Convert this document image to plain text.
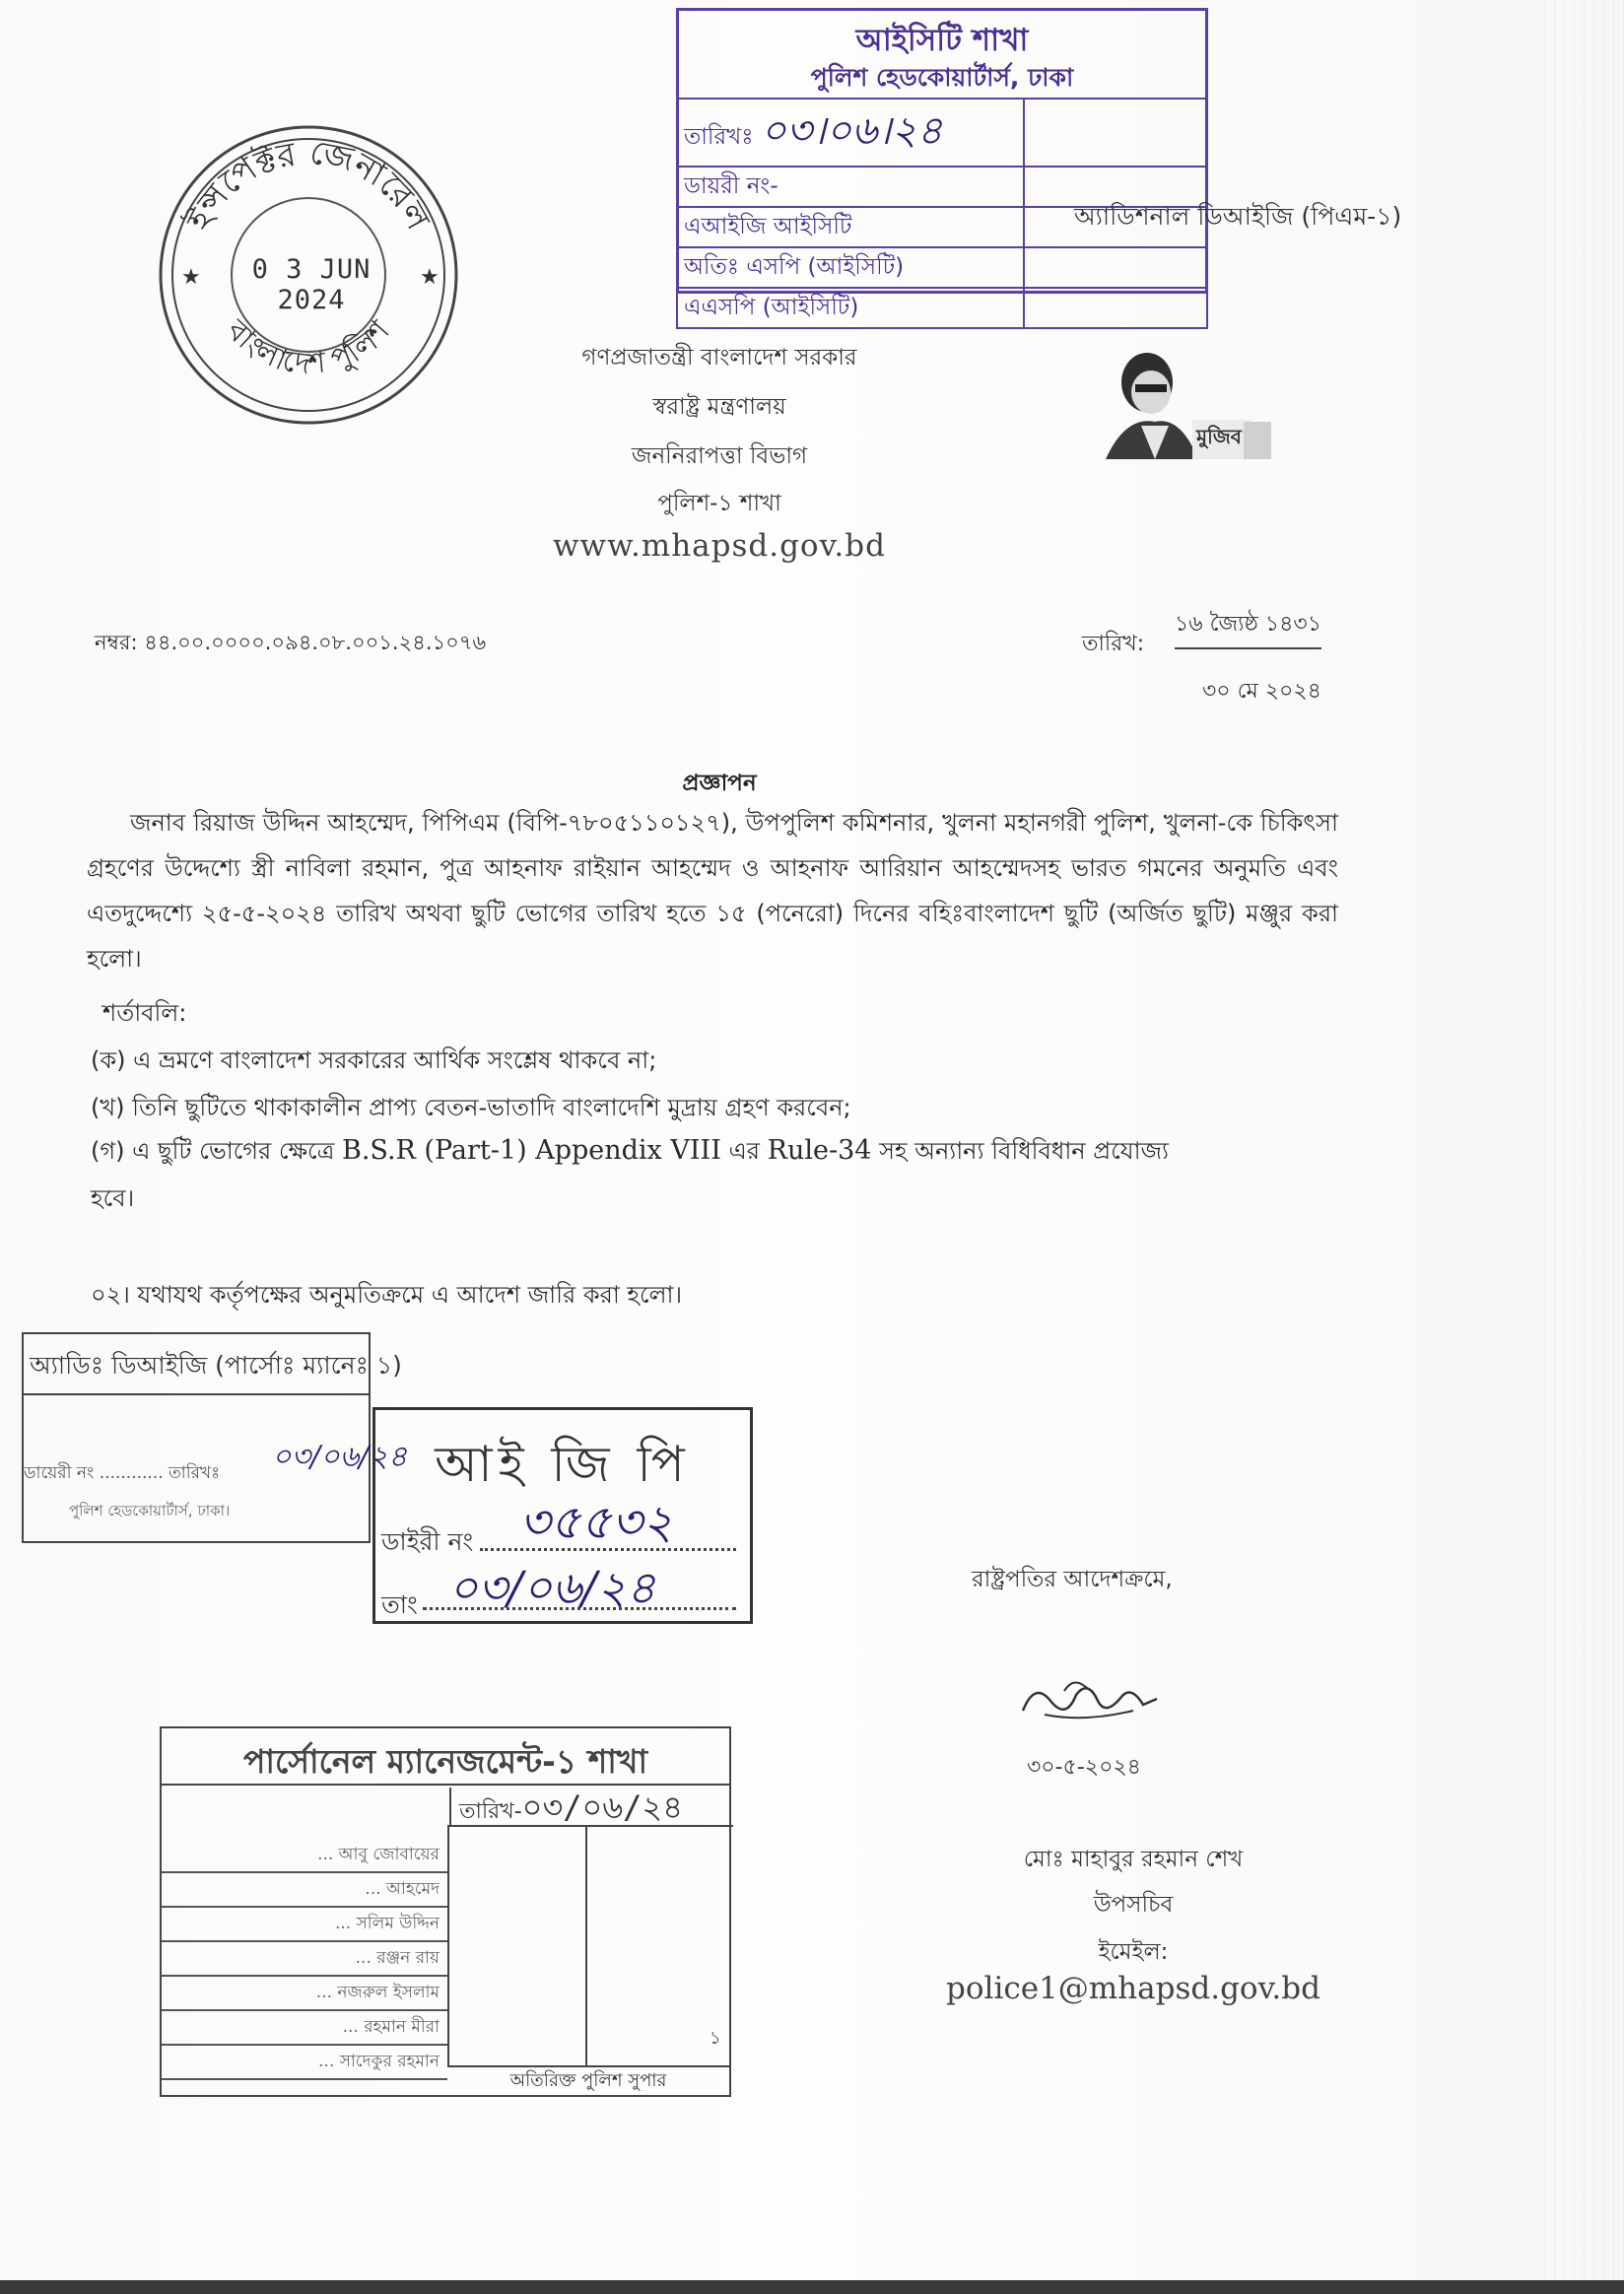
আইসিটি শাখা
পুলিশ হেডকোয়ার্টার্স, ঢাকা
তারিখঃ ০৩।০৬।২৪	
ডায়রী নং-	
এআইজি আইসিটি	
অতিঃ এসপি (আইসিটি)	
এএসপি (আইসিটি)	
অ্যাডিশনাল ডিআইজি (পিএম-১)
ইন্সপেক্টর জেনারেল
বাংলাদেশ পুলিশ
★	★
0 3 JUN 2024
গণপ্রজাতন্ত্রী বাংলাদেশ সরকার
স্বরাষ্ট্র মন্ত্রণালয়
জননিরাপত্তা বিভাগ
পুলিশ-১ শাখা
www.mhapsd.gov.bd
মুজিব
নম্বর: ৪৪.০০.০০০০.০৯৪.০৮.০০১.২৪.১০৭৬	তারিখ:
১৬ জ্যৈষ্ঠ ১৪৩১
৩০ মে ২০২৪
প্রজ্ঞাপন
জনাব রিয়াজ উদ্দিন আহম্মেদ, পিপিএম (বিপি-৭৮০৫১১০১২৭), উপপুলিশ কমিশনার, খুলনা মহানগরী পুলিশ, খুলনা-কে চিকিৎসা গ্রহণের উদ্দেশ্যে স্ত্রী নাবিলা রহমান, পুত্র আহনাফ রাইয়ান আহম্মেদ ও আহনাফ আরিয়ান আহম্মেদসহ ভারত গমনের অনুমতি এবং এতদুদ্দেশ্যে ২৫-৫-২০২৪ তারিখ অথবা ছুটি ভোগের তারিখ হতে ১৫ (পনেরো) দিনের বহিঃবাংলাদেশ ছুটি (অর্জিত ছুটি) মঞ্জুর করা হলো।
শর্তাবলি:
(ক) এ ভ্রমণে বাংলাদেশ সরকারের আর্থিক সংশ্লেষ থাকবে না;
(খ) তিনি ছুটিতে থাকাকালীন প্রাপ্য বেতন-ভাতাদি বাংলাদেশি মুদ্রায় গ্রহণ করবেন;
(গ) এ ছুটি ভোগের ক্ষেত্রে B.S.R (Part-1) Appendix VIII এর Rule-34 সহ অন্যান্য বিধিবিধান প্রযোজ্য
হবে।
০২। যথাযথ কর্তৃপক্ষের অনুমতিক্রমে এ আদেশ জারি করা হলো।
অ্যাডিঃ ডিআইজি (পার্সোঃ ম্যানেঃ ১)
০৩/০৬/২৪
ডায়েরী নং ............ তারিখঃ
পুলিশ হেডকোয়ার্টার্স, ঢাকা।
আই জি পি
৩৫৫৩২
ডাইরী নং
০৩/০৬/২৪
তাং
রাষ্ট্রপতির আদেশক্রমে,
৩০-৫-২০২৪
মোঃ মাহাবুর রহমান শেখ
উপসচিব
ইমেইল:
police1@mhapsd.gov.bd
পার্সোনেল ম্যানেজমেন্ট-১ শাখা
তারিখ-০৩/০৬/২৪
... আবু জোবায়ের
... আহমেদ
... সলিম উদ্দিন
... রঞ্জন রায়
... নজরুল ইসলাম
... রহমান মীরা
... সাদেকুর রহমান
১
অতিরিক্ত পুলিশ সুপার
